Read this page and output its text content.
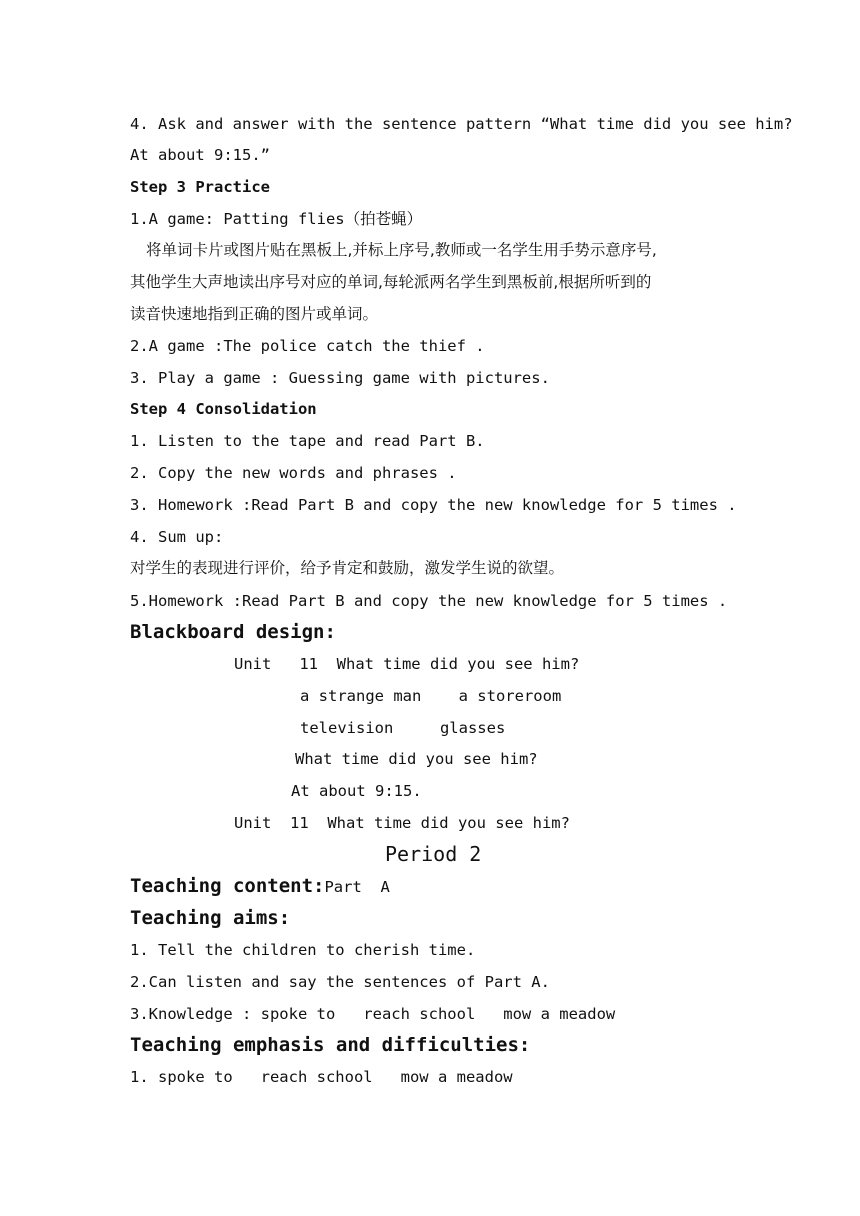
4. Ask and answer with the sentence pattern “What time did you see him?
At about 9:15.”
Step 3 Practice
1.A game: Patting flies（拍苍蝇）
将单词卡片或图片贴在黑板上,并标上序号,教师或一名学生用手势示意序号,
其他学生大声地读出序号对应的单词,每轮派两名学生到黑板前,根据所听到的
读音快速地指到正确的图片或单词。
2.A game :The police catch the thief .
3. Play a game : Guessing game with pictures.
Step 4 Consolidation
1. Listen to the tape and read Part B.
2. Copy the new words and phrases .
3. Homework :Read Part B and copy the new knowledge for 5 times .
4. Sum up:
对学生的表现进行评价，给予肯定和鼓励，激发学生说的欲望。
5.Homework :Read Part B and copy the new knowledge for 5 times .
Blackboard design:
Unit   11  What time did you see him?
a strange man    a storeroom
television     glasses
What time did you see him?
At about 9:15.
Unit  11  What time did you see him?
Period 2
Teaching content:Part  A
Teaching aims:
1. Tell the children to cherish time.
2.Can listen and say the sentences of Part A.
3.Knowledge : spoke to   reach school   mow a meadow
Teaching emphasis and difficulties:
1. spoke to   reach school   mow a meadow
